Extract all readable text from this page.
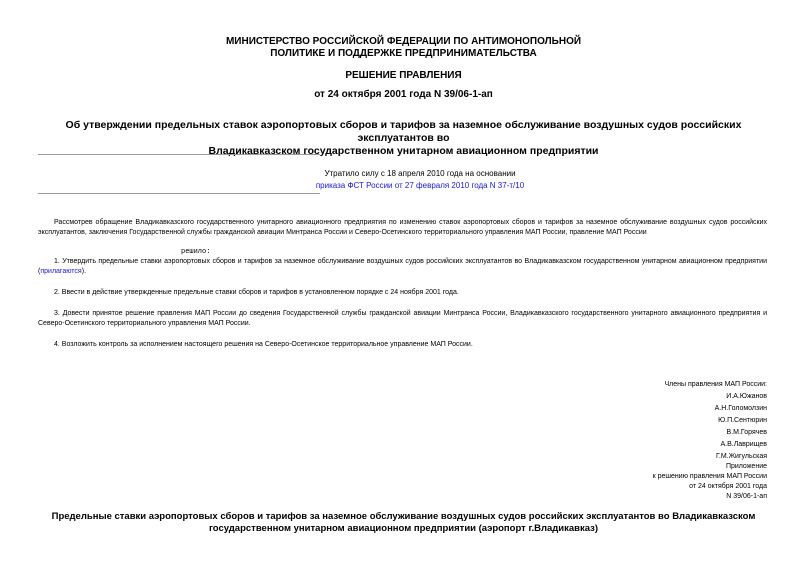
МИНИСТЕРСТВО РОССИЙСКОЙ ФЕДЕРАЦИИ ПО АНТИМОНОПОЛЬНОЙ
ПОЛИТИКЕ И ПОДДЕРЖКЕ ПРЕДПРИНИМАТЕЛЬСТВА
РЕШЕНИЕ ПРАВЛЕНИЯ
от 24 октября 2001 года N 39/06-1-ап
Об утверждении предельных ставок аэропортовых сборов и тарифов за наземное обслуживание воздушных судов российских эксплуатантов во
Владикавказском государственном унитарном авиационном предприятии
Утратило силу с 18 апреля 2010 года на основании
приказа ФСТ России от 27 февраля 2010 года N 37-т/10
Рассмотрев обращение Владикавказского государственного унитарного авиационного предприятия по изменению ставок аэропортовых сборов и тарифов за наземное обслуживание воздушных судов российских эксплуатантов, заключения Государственной службы гражданской авиации Минтранса России и Северо-Осетинского территориального управления МАП России, правление МАП России
решило:
1. Утвердить предельные ставки аэропортовых сборов и тарифов за наземное обслуживание воздушных судов российских эксплуатантов во Владикавказском государственном унитарном авиационном предприятии (прилагаются).
2. Ввести в действие утвержденные предельные ставки сборов и тарифов в установленном порядке с 24 ноября 2001 года.
3. Довести принятое решение правления МАП России до сведения Государственной службы гражданской авиации Минтранса России, Владикавказского государственного унитарного авиационного предприятия и Северо-Осетинского территориального управления МАП России.
4. Возложить контроль за исполнением настоящего решения на Северо-Осетинское территориальное управление МАП России.
Члены правления МАП России:
И.А.Южанов
А.Н.Голомолзин
Ю.П.Сентюрин
В.М.Горячев
А.В.Лаврищев
Г.М.Жигульская
Приложение
к решению правления МАП России
от 24 октября 2001 года
N 39/06-1-ап
Предельные ставки аэропортовых сборов и тарифов за наземное обслуживание воздушных судов российских эксплуатантов во Владикавказском
государственном унитарном авиационном предприятии (аэропорт г.Владикавказ)
